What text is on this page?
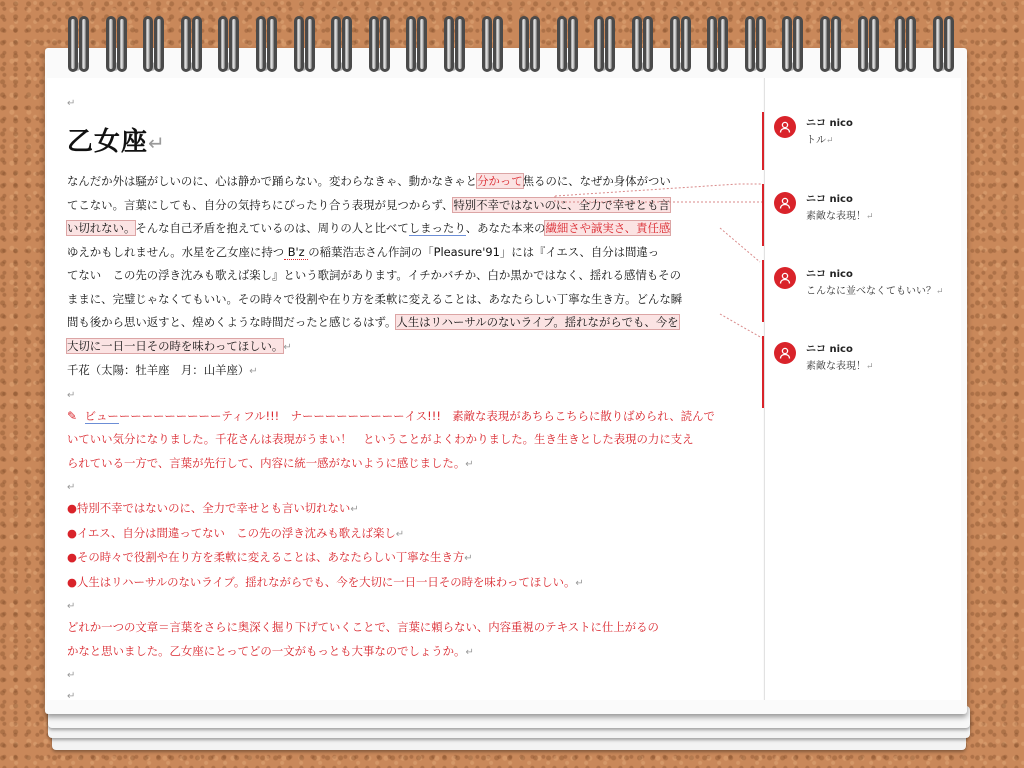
↵
乙女座↵
なんだか外は騒がしいのに、心は静かで踊らない。変わらなきゃ、動かなきゃと分かって焦るのに、なぜか身体がつい
てこない。言葉にしても、自分の気持ちにぴったり合う表現が見つからず、特別不幸ではないのに、全力で幸せとも言
い切れない。そんな自己矛盾を抱えているのは、周りの人と比べてしまったり、あなた本来の繊細さや誠実さ、責任感
ゆえかもしれません。水星を乙女座に持つ B'z の稲葉浩志さん作詞の「Pleasure'91」には『イエス、自分は間違っ
てない　この先の浮き沈みも歌えば楽し』という歌詞があります。イチかバチか、白か黒かではなく、揺れる感情もその
ままに、完璧じゃなくてもいい。その時々で役割や在り方を柔軟に変えることは、あなたらしい丁寧な生き方。どんな瞬
間も後から思い返すと、煌めくような時間だったと感じるはず。人生はリハーサルのないライブ。揺れながらでも、今を
大切に一日一日その時を味わってほしい。↵
千花（太陽：牡羊座　月：山羊座）↵
↵
✎ ビューーーーーーーーーーティフル!!!　ナーーーーーーーーーイス!!!　素敵な表現があちらこちらに散りばめられ、読んで
いていい気分になりました。千花さんは表現がうまい！　ということがよくわかりました。生き生きとした表現の力に支え
られている一方で、言葉が先行して、内容に統一感がないように感じました。↵
↵
●特別不幸ではないのに、全力で幸せとも言い切れない↵
●イエス、自分は間違ってない　この先の浮き沈みも歌えば楽し↵
●その時々で役割や在り方を柔軟に変えることは、あなたらしい丁寧な生き方↵
●人生はリハーサルのないライブ。揺れながらでも、今を大切に一日一日その時を味わってほしい。↵
↵
どれか一つの文章＝言葉をさらに奥深く掘り下げていくことで、言葉に頼らない、内容重視のテキストに仕上がるの
かなと思いました。乙女座にとってどの一文がもっとも大事なのでしょうか。↵
↵
↵
ニコ nico
トル↵
ニコ nico
素敵な表現！↵
ニコ nico
こんなに並べなくてもいい？↵
ニコ nico
素敵な表現！↵
